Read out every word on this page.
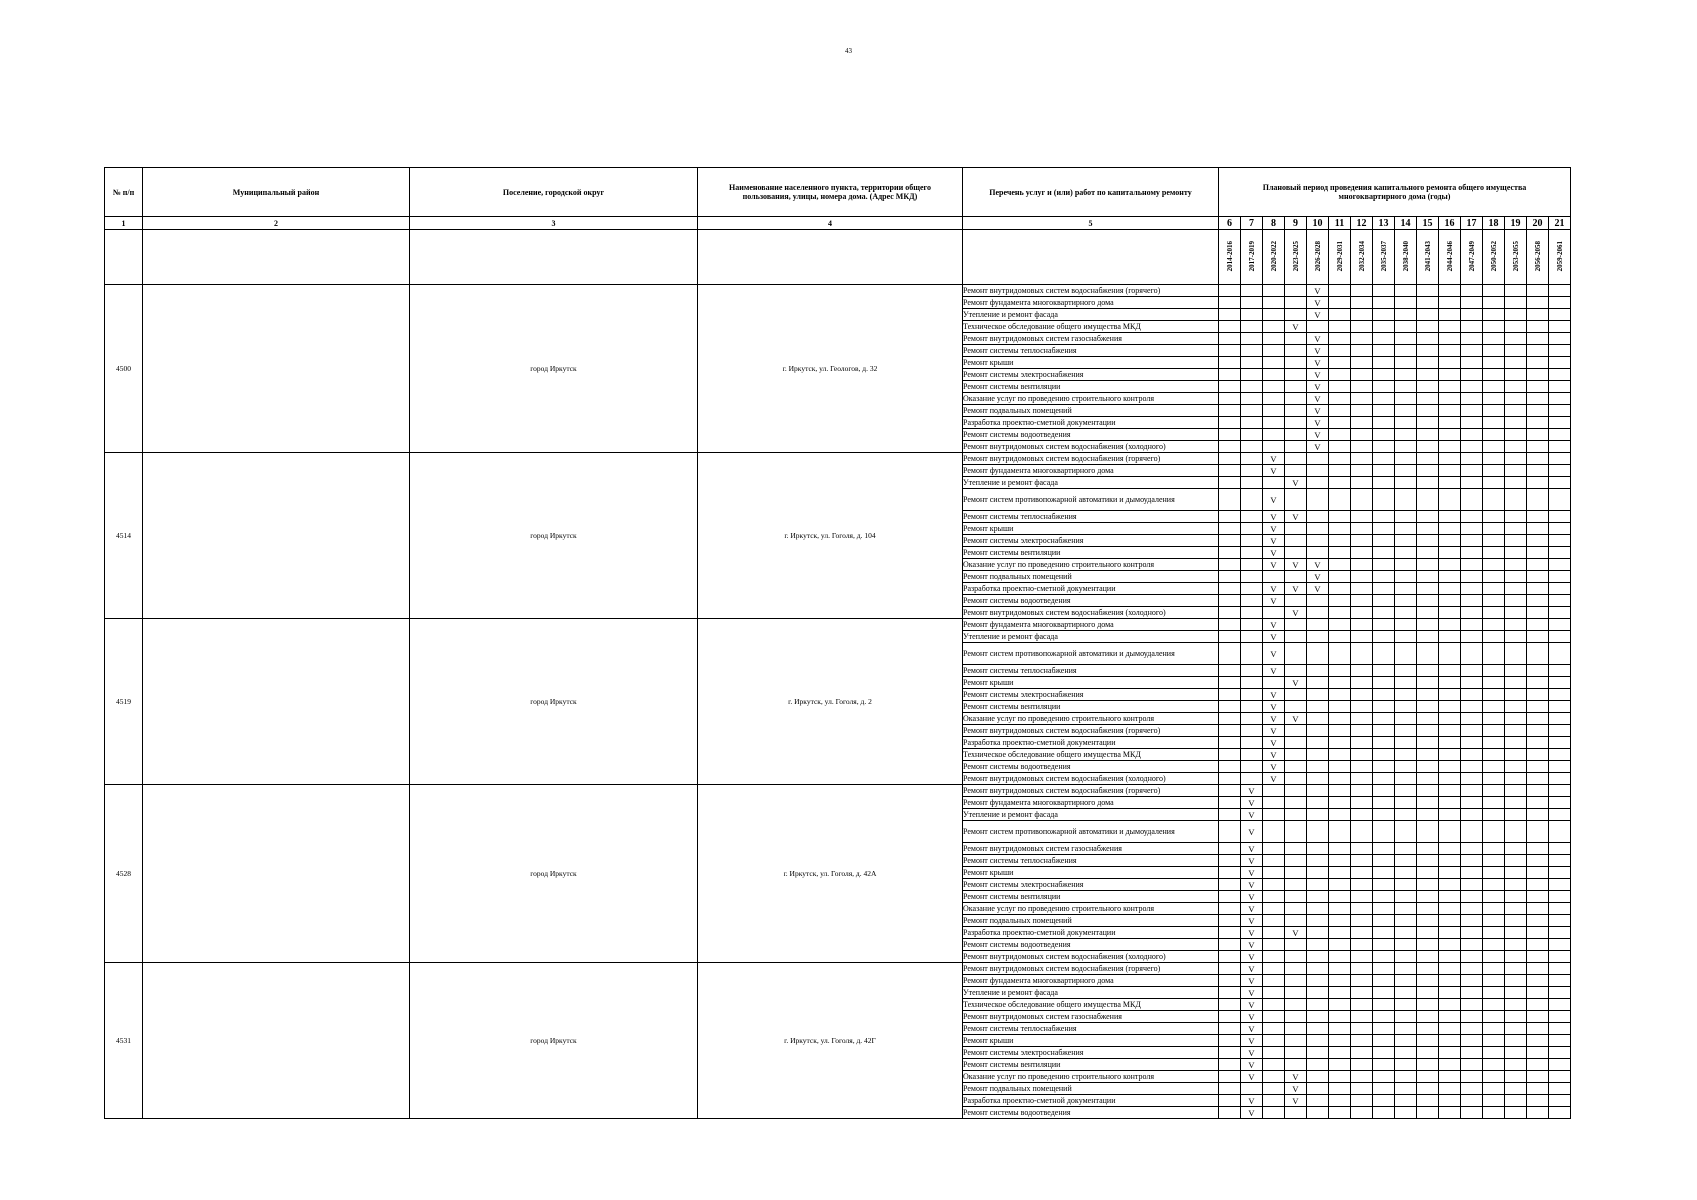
43
№ п/п	Муниципальный район	Поселение, городской округ	Наименование населенного пункта, территории общего пользования, улицы, номера дома. (Адрес МКД)	Перечень услуг и (или) работ по капитальному ремонту	Плановый период проведения капитального ремонта общего имущества многоквартирного дома (годы)															
1	2	3	4	5	6	7	8	9	10	11	12	13	14	15	16	17	18	19	20	21
					2014-2016	2017-2019	2020-2022	2023-2025	2026-2028	2029-2031	2032-2034	2035-2037	2038-2040	2041-2043	2044-2046	2047-2049	2050-2052	2053-2055	2056-2058	2059-2061
4500		город Иркутск	г. Иркутск, ул. Геологов, д. 32	Ремонт внутридомовых систем водоснабжения (горячего)					V											
				Ремонт фундамента многоквартирного дома					V											
				Утепление и ремонт фасада					V											
				Техническое обследование общего имущества МКД				V												
				Ремонт внутридомовых систем газоснабжения					V											
				Ремонт системы теплоснабжения					V											
				Ремонт крыши					V											
				Ремонт системы электроснабжения					V											
				Ремонт системы вентиляции					V											
				Оказание услуг по проведению строительного контроля					V											
				Ремонт подвальных помещений					V											
				Разработка проектно-сметной документации					V											
				Ремонт системы водоотведения					V											
				Ремонт внутридомовых систем водоснабжения (холодного)					V											
4514		город Иркутск	г. Иркутск, ул. Гоголя, д. 104	Ремонт внутридомовых систем водоснабжения (горячего)			V													
				Ремонт фундамента многоквартирного дома			V													
				Утепление и ремонт фасада				V												
				Ремонт систем противопожарной автоматики и дымоудаления			V													
				Ремонт системы теплоснабжения			V	V												
				Ремонт крыши			V													
				Ремонт системы электроснабжения			V													
				Ремонт системы вентиляции			V													
				Оказание услуг по проведению строительного контроля			V	V	V											
				Ремонт подвальных помещений					V											
				Разработка проектно-сметной документации			V	V	V											
				Ремонт системы водоотведения			V													
				Ремонт внутридомовых систем водоснабжения (холодного)				V												
4519		город Иркутск	г. Иркутск, ул. Гоголя, д. 2	Ремонт фундамента многоквартирного дома			V													
				Утепление и ремонт фасада			V													
				Ремонт систем противопожарной автоматики и дымоудаления			V													
				Ремонт системы теплоснабжения			V													
				Ремонт крыши				V												
				Ремонт системы электроснабжения			V													
				Ремонт системы вентиляции			V													
				Оказание услуг по проведению строительного контроля			V	V												
				Ремонт внутридомовых систем водоснабжения (горячего)			V													
				Разработка проектно-сметной документации			V													
				Техническое обследование общего имущества МКД			V													
				Ремонт системы водоотведения			V													
				Ремонт внутридомовых систем водоснабжения (холодного)			V													
4528		город Иркутск	г. Иркутск, ул. Гоголя, д. 42А	Ремонт внутридомовых систем водоснабжения (горячего)		V														
				Ремонт фундамента многоквартирного дома		V														
				Утепление и ремонт фасада		V														
				Ремонт систем противопожарной автоматики и дымоудаления		V														
				Ремонт внутридомовых систем газоснабжения		V														
				Ремонт системы теплоснабжения		V														
				Ремонт крыши		V														
				Ремонт системы электроснабжения		V														
				Ремонт системы вентиляции		V														
				Оказание услуг по проведению строительного контроля		V														
				Ремонт подвальных помещений		V														
				Разработка проектно-сметной документации		V		V												
				Ремонт системы водоотведения		V														
				Ремонт внутридомовых систем водоснабжения (холодного)		V														
4531		город Иркутск	г. Иркутск, ул. Гоголя, д. 42Г	Ремонт внутридомовых систем водоснабжения (горячего)		V														
				Ремонт фундамента многоквартирного дома		V														
				Утепление и ремонт фасада		V														
				Техническое обследование общего имущества МКД		V														
				Ремонт внутридомовых систем газоснабжения		V														
				Ремонт системы теплоснабжения		V														
				Ремонт крыши		V														
				Ремонт системы электроснабжения		V														
				Ремонт системы вентиляции		V														
				Оказание услуг по проведению строительного контроля		V		V												
				Ремонт подвальных помещений				V												
				Разработка проектно-сметной документации		V		V												
				Ремонт системы водоотведения		V														
